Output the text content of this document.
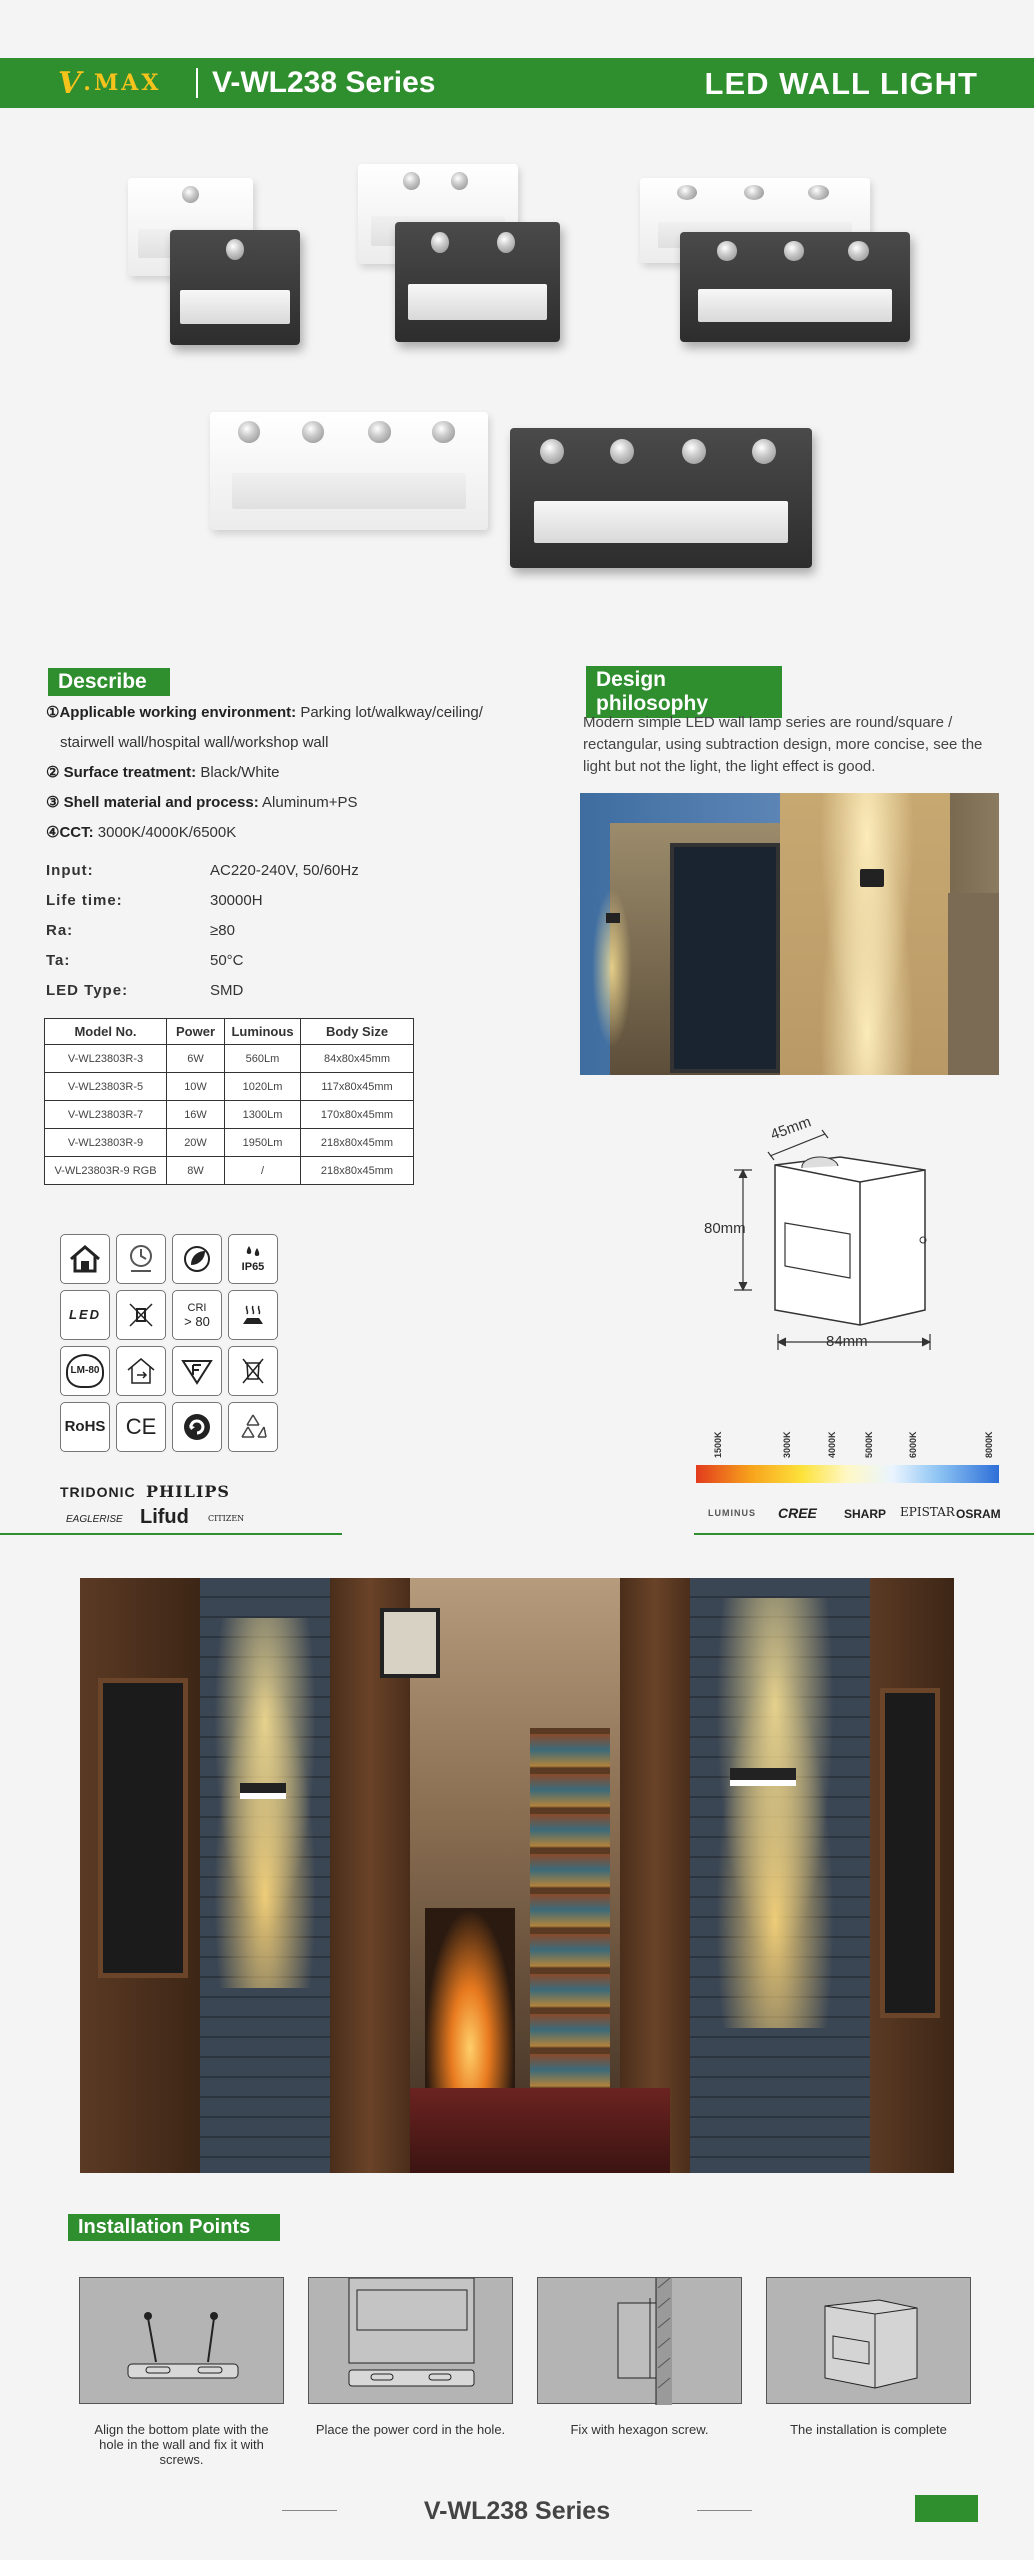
V .MAX V-WL238 Series	LED WALL LIGHT
Describe
①Applicable working environment: Parking lot/walkway/ceiling/
stairwell wall/hospital wall/workshop wall
② Surface treatment: Black/White
③ Shell material and process: Aluminum+PS
④CCT: 3000K/4000K/6500K
Input:	AC220-240V, 50/60Hz
Life time:	30000H
Ra:	≥80
Ta:	50°C
LED Type:	SMD
Model No.	Power	Luminous	Body Size
V-WL23803R-3	6W	560Lm	84x80x45mm
V-WL23803R-5	10W	1020Lm	117x80x45mm
V-WL23803R-7	16W	1300Lm	170x80x45mm
V-WL23803R-9	20W	1950Lm	218x80x45mm
V-WL23803R-9 RGB	8W	/	218x80x45mm
IP65
LED	CRI
> 80
LM-80
RoHS CE
TRIDONIC PHILIPS
EAGLERISE Lifud CITIZEN
Design philosophy
Modern simple LED wall lamp series are round/square / rectangular, using subtraction design, more concise, see the light but not the light, the light effect is good.
45mm
80mm
84mm
1500K	3000K	4000K	5000K	6000K	8000K
LUMINUS CREE SHARP EPISTAR OSRAM
Installation Points
Align the bottom plate with the hole in the wall and fix it with screws.
Place the power cord in the hole.	Fix with hexagon screw.	The installation is complete
V-WL238 Series
